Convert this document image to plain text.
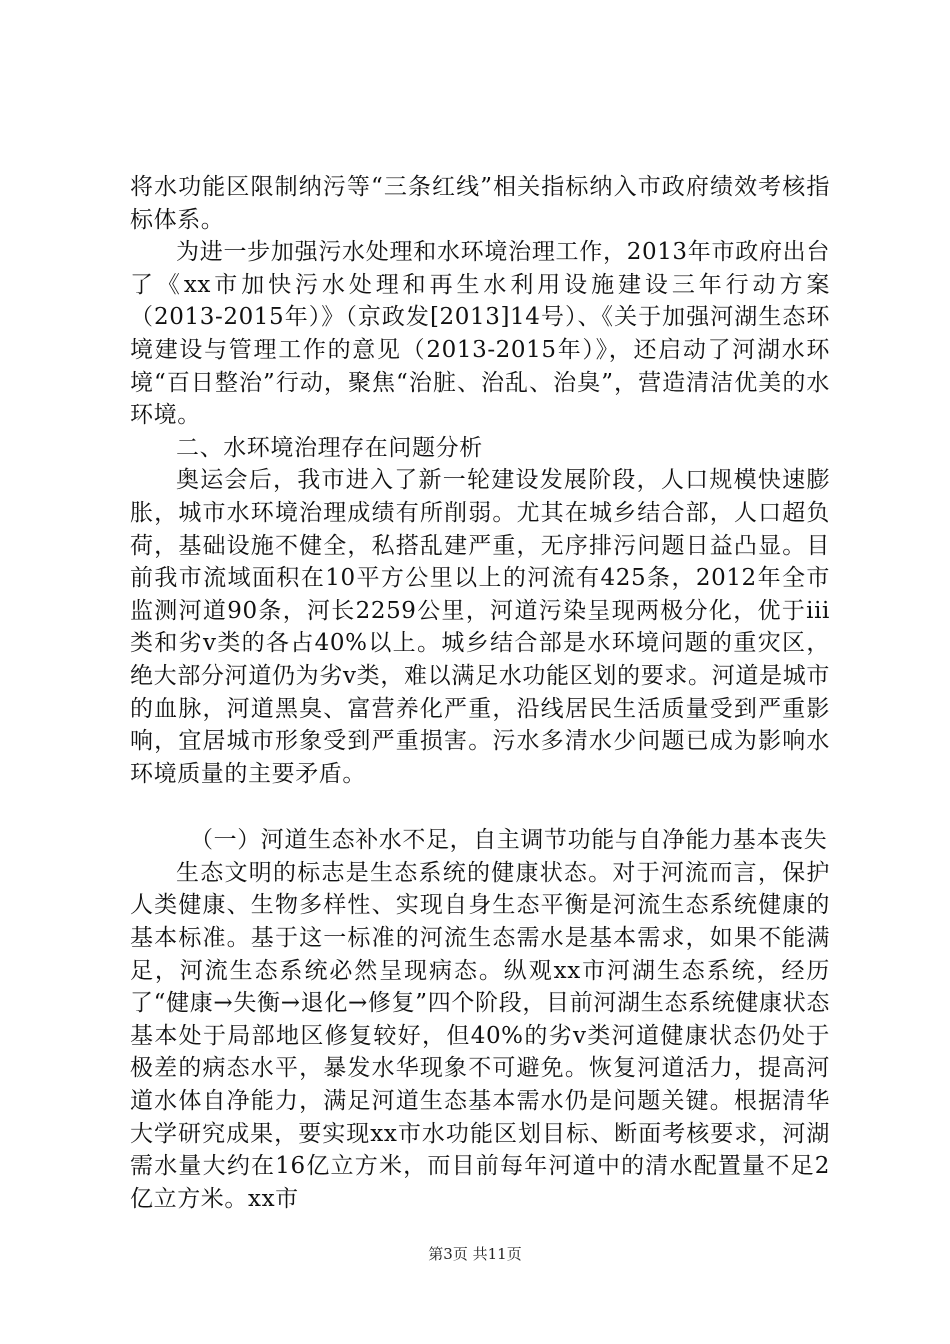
将水功能区限制纳污等“三条红线”相关指标纳入市政府绩效考核指标体系。

为进一步加强污水处理和水环境治理工作，2013年市政府出台了《xx市加快污水处理和再生水利用设施建设三年行动方案（2013-2015年）》（京政发[2013]14号）、《关于加强河湖生态环境建设与管理工作的意见（2013-2015年）》，还启动了河湖水环境“百日整治”行动，聚焦“治脏、治乱、治臭”，营造清洁优美的水环境。

二、水环境治理存在问题分析

奥运会后，我市进入了新一轮建设发展阶段，人口规模快速膨胀，城市水环境治理成绩有所削弱。尤其在城乡结合部，人口超负荷，基础设施不健全，私搭乱建严重，无序排污问题日益凸显。目前我市流域面积在10平方公里以上的河流有425条，2012年全市监测河道90条，河长2259公里，河道污染呈现两极分化，优于iii类和劣ⅴ类的各占40%以上。城乡结合部是水环境问题的重灾区，绝大部分河道仍为劣ⅴ类，难以满足水功能区划的要求。河道是城市的血脉，河道黑臭、富营养化严重，沿线居民生活质量受到严重影响，宜居城市形象受到严重损害。污水多清水少问题已成为影响水环境质量的主要矛盾。

（一）河道生态补水不足，自主调节功能与自净能力基本丧失

生态文明的标志是生态系统的健康状态。对于河流而言，保护人类健康、生物多样性、实现自身生态平衡是河流生态系统健康的基本标准。基于这一标准的河流生态需水是基本需求，如果不能满足，河流生态系统必然呈现病态。纵观xx市河湖生态系统，经历了“健康→失衡→退化→修复”四个阶段，目前河湖生态系统健康状态基本处于局部地区修复较好，但40%的劣ⅴ类河道健康状态仍处于极差的病态水平，暴发水华现象不可避免。恢复河道活力，提高河道水体自净能力，满足河道生态基本需水仍是问题关键。根据清华大学研究成果，要实现xx市水功能区划目标、断面考核要求，河湖需水量大约在16亿立方米，而目前每年河道中的清水配置量不足2亿立方米。xx市

第3页 共11页
